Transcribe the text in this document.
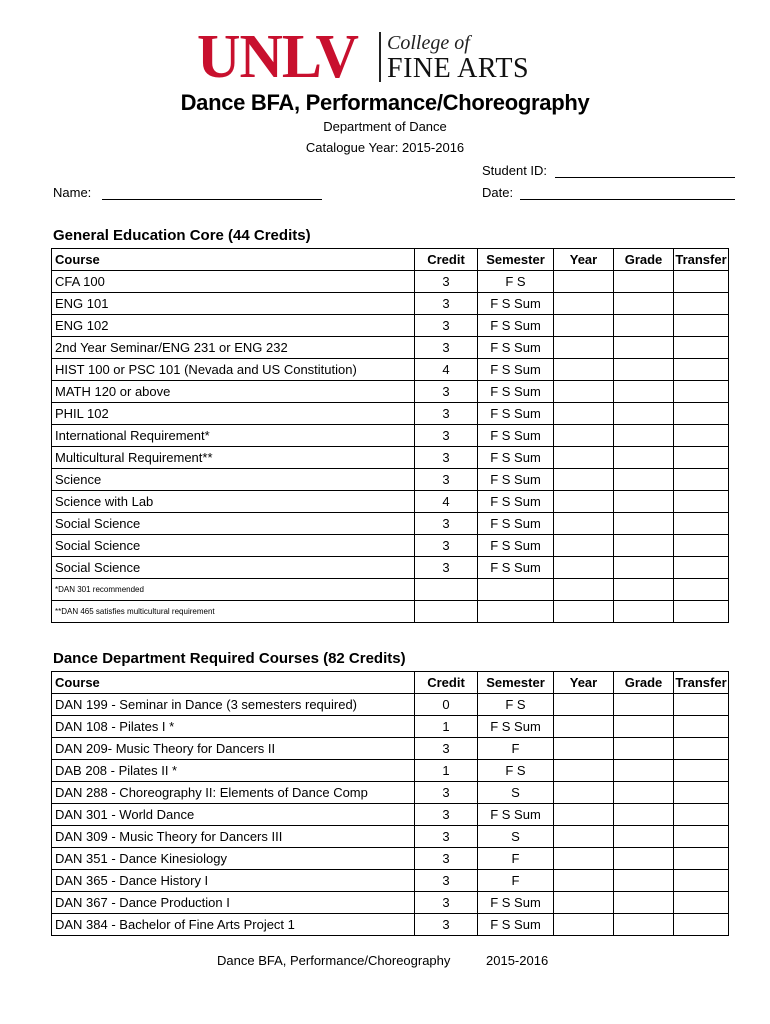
UNLV College of
FINE ARTS
Dance BFA, Performance/Choreography
Department of Dance
Catalogue Year: 2015-2016
Student ID:
Name:	Date:
General Education Core (44 Credits)
Course	Credit	Semester	Year	Grade	Transfer
CFA 100	3	F S			
ENG 101	3	F S Sum			
ENG 102	3	F S Sum			
2nd Year Seminar/ENG 231 or ENG 232	3	F S Sum			
HIST 100 or PSC 101 (Nevada and US Constitution)	4	F S Sum			
MATH 120 or above	3	F S Sum			
PHIL 102	3	F S Sum			
International Requirement*	3	F S Sum			
Multicultural Requirement**	3	F S Sum			
Science	3	F S Sum			
Science with Lab	4	F S Sum			
Social Science	3	F S Sum			
Social Science	3	F S Sum			
Social Science	3	F S Sum			
*DAN 301 recommended					
**DAN 465 satisfies multicultural requirement					
Dance Department Required Courses (82 Credits)
Course	Credit	Semester	Year	Grade	Transfer
DAN 199 - Seminar in Dance (3 semesters required)	0	F S			
DAN 108 - Pilates I *	1	F S Sum			
DAN 209- Music Theory for Dancers II	3	F			
DAB 208 - Pilates II *	1	F S			
DAN 288 - Choreography II: Elements of Dance Comp	3	S			
DAN 301 - World Dance	3	F S Sum			
DAN 309 - Music Theory for Dancers III	3	S			
DAN 351 - Dance Kinesiology	3	F			
DAN 365 - Dance History I	3	F			
DAN 367 - Dance Production I	3	F S Sum			
DAN 384 - Bachelor of Fine Arts Project 1	3	F S Sum			
Dance BFA, Performance/Choreography	2015-2016
